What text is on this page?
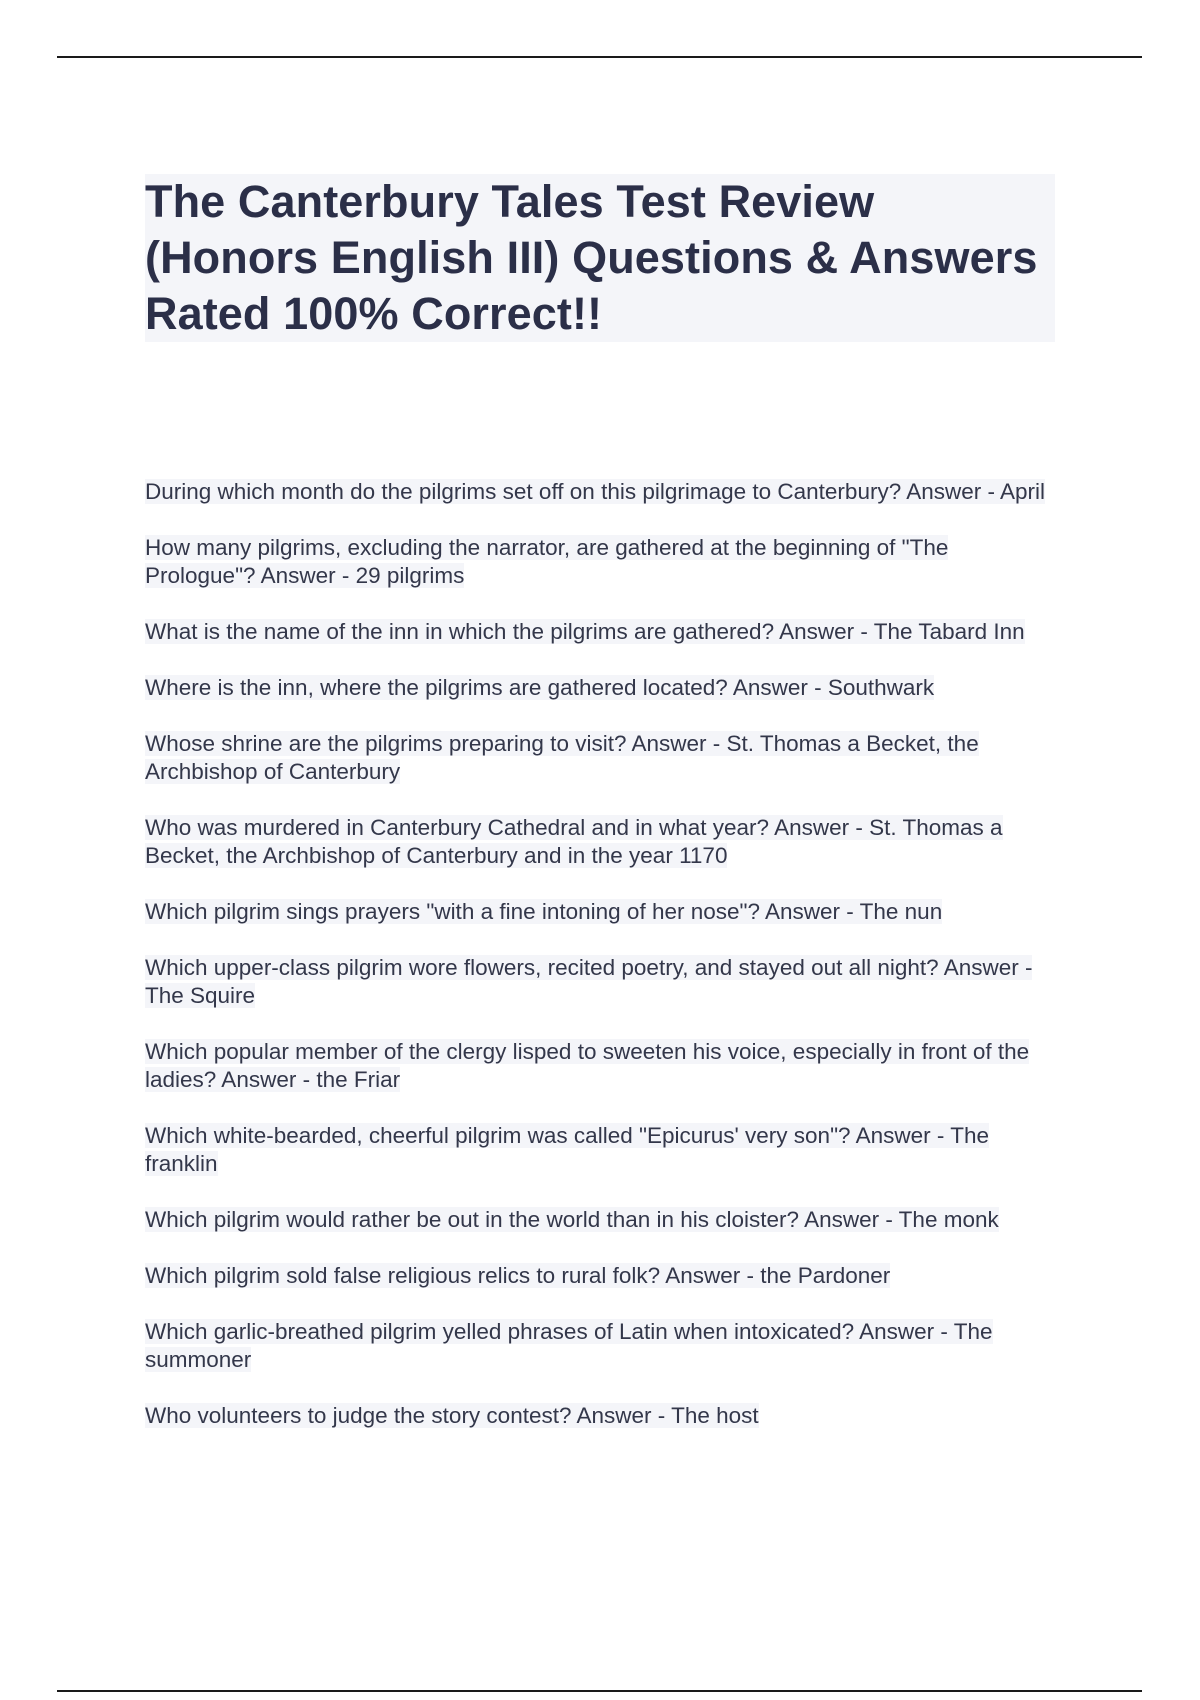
The Canterbury Tales Test Review (Honors English III) Questions & Answers Rated 100% Correct!!
During which month do the pilgrims set off on this pilgrimage to Canterbury? Answer - April
How many pilgrims, excluding the narrator, are gathered at the beginning of "The Prologue"? Answer - 29 pilgrims
What is the name of the inn in which the pilgrims are gathered? Answer - The Tabard Inn
Where is the inn, where the pilgrims are gathered located? Answer - Southwark
Whose shrine are the pilgrims preparing to visit? Answer - St. Thomas a Becket, the Archbishop of Canterbury
Who was murdered in Canterbury Cathedral and in what year? Answer - St. Thomas a Becket, the Archbishop of Canterbury and in the year 1170
Which pilgrim sings prayers "with a fine intoning of her nose"? Answer - The nun
Which upper-class pilgrim wore flowers, recited poetry, and stayed out all night? Answer - The Squire
Which popular member of the clergy lisped to sweeten his voice, especially in front of the ladies? Answer - the Friar
Which white-bearded, cheerful pilgrim was called "Epicurus' very son"? Answer - The franklin
Which pilgrim would rather be out in the world than in his cloister? Answer - The monk
Which pilgrim sold false religious relics to rural folk? Answer - the Pardoner
Which garlic-breathed pilgrim yelled phrases of Latin when intoxicated? Answer - The summoner
Who volunteers to judge the story contest? Answer - The host
